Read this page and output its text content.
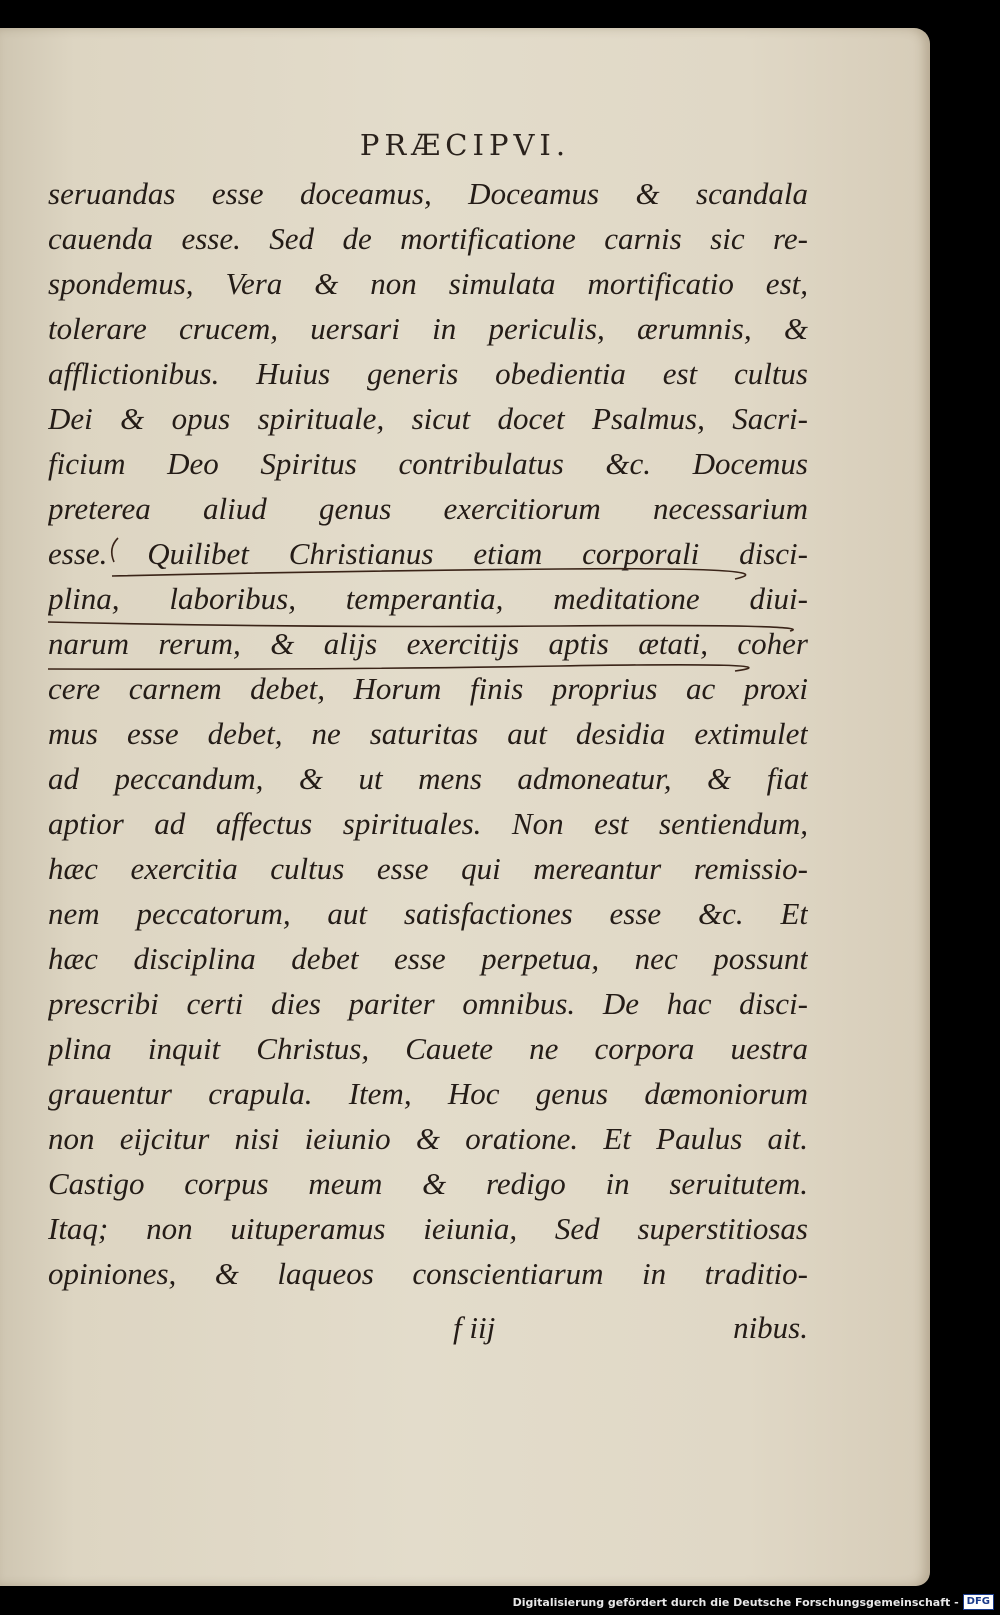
PRÆCIPVI.
seruandas esse doceamus, Doceamus & scandala
cauenda esse. Sed de mortificatione carnis sic re-
spondemus, Vera & non simulata mortificatio est,
tolerare crucem, uersari in periculis, ærumnis, &
afflictionibus. Huius generis obedientia est cultus
Dei & opus spirituale, sicut docet Psalmus, Sacri-
ficium Deo Spiritus contribulatus &c. Docemus
preterea aliud genus exercitiorum necessarium
esse. Quilibet Christianus etiam corporali disci-
plina, laboribus, temperantia, meditatione diui-
narum rerum, & alijs exercitijs aptis ætati, coher
cere carnem debet, Horum finis proprius ac proxi
mus esse debet, ne saturitas aut desidia extimulet
ad peccandum, & ut mens admoneatur, & fiat
aptior ad affectus spirituales. Non est sentiendum,
hæc exercitia cultus esse qui mereantur remissio-
nem peccatorum, aut satisfactiones esse &c. Et
hæc disciplina debet esse perpetua, nec possunt
prescribi certi dies pariter omnibus. De hac disci-
plina inquit Christus, Cauete ne corpora uestra
grauentur crapula. Item, Hoc genus dæmoniorum
non eijcitur nisi ieiunio & oratione. Et Paulus ait.
Castigo corpus meum & redigo in seruitutem.
Itaq; non uituperamus ieiunia, Sed superstitiosas
opiniones, & laqueos conscientiarum in traditio-
f iij	nibus.
Digitalisierung gefördert durch die Deutsche Forschungsgemeinschaft - DFG
